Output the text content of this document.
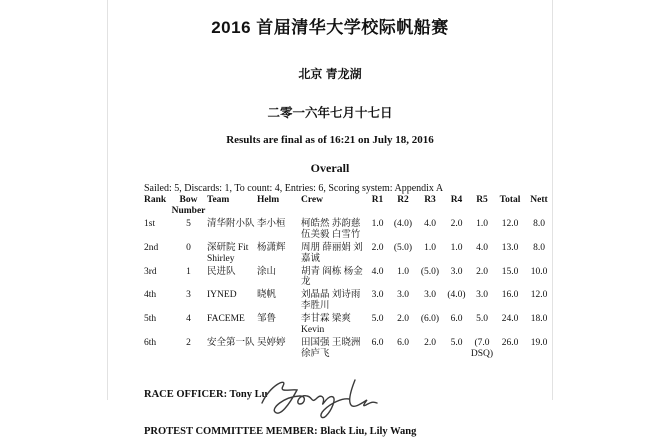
2016 首届清华大学校际帆船赛
北京 青龙湖
二零一六年七月十七日
Results are final as of 16:21 on July 18, 2016
Overall
Sailed: 5, Discards: 1, To count: 4, Entries: 6, Scoring system: Appendix A
Rank	Bow Number	Team	Helm	Crew	R1	R2	R3	R4	R5	Total	Nett
1st	5	清华附小队	李小桓	柯皓然 苏韵慈 伍美毅 白雪竹	1.0	(4.0)	4.0	2.0	1.0	12.0	8.0
2nd	0	深研院 Fit Shirley	杨潇辉	周朋 薛丽娟 刘嘉诚	2.0	(5.0)	1.0	1.0	4.0	13.0	8.0
3rd	1	民进队	涂山	胡青 阎栋 杨金龙	4.0	1.0	(5.0)	3.0	2.0	15.0	10.0
4th	3	IYNED	晓帆	刘晶晶 刘诗雨 李胜川	3.0	3.0	3.0	(4.0)	3.0	16.0	12.0
5th	4	FACEME	邹鲁	李甘霖 梁爽 Kevin	5.0	2.0	(6.0)	6.0	5.0	24.0	18.0
6th	2	安全第一队	吴婷婷	田国强 王晓洲 徐庐飞	6.0	6.0	2.0	5.0	(7.0 DSQ)	26.0	19.0
RACE OFFICER: Tony Lu
PROTEST COMMITTEE MEMBER: Black Liu, Lily Wang
